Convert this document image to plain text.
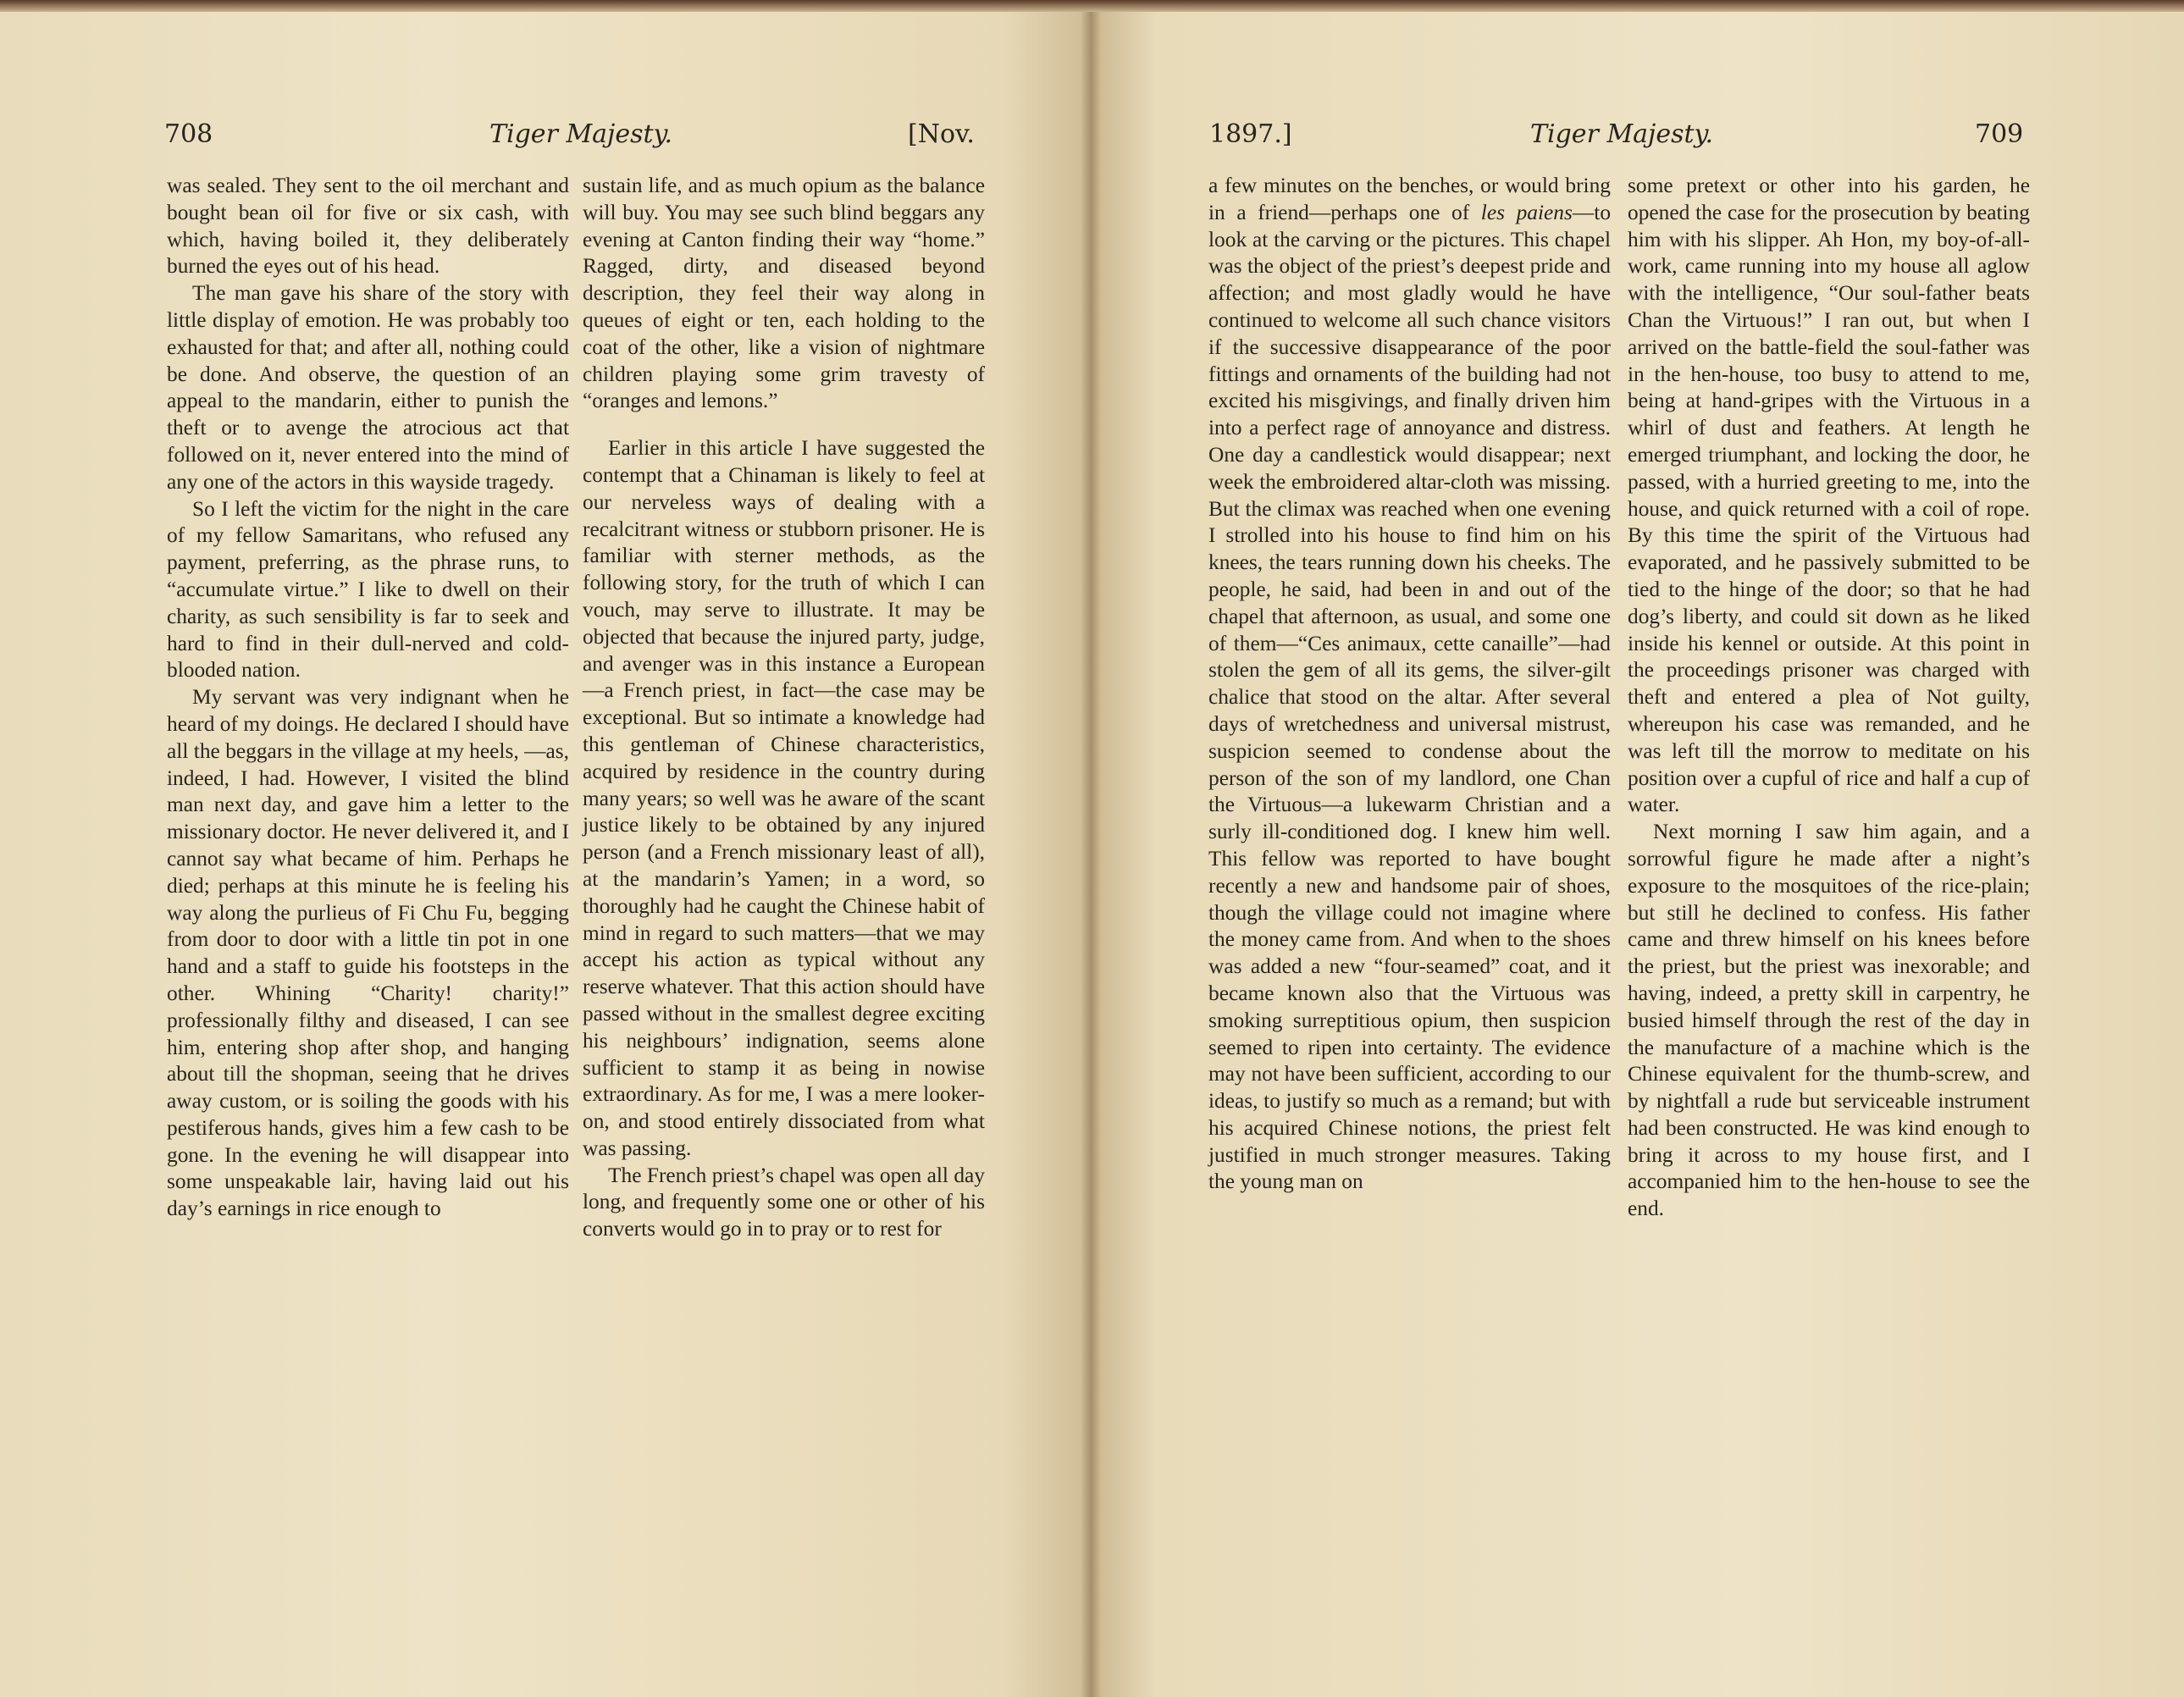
708	Tiger Majesty.	[Nov.

was sealed. They sent to the oil merchant and bought bean oil for five or six cash, with which, having boiled it, they deliberately burned the eyes out of his head.

The man gave his share of the story with little display of emotion. He was probably too exhausted for that; and after all, nothing could be done. And observe, the question of an appeal to the mandarin, either to punish the theft or to avenge the atrocious act that followed on it, never entered into the mind of any one of the actors in this wayside tragedy.

So I left the victim for the night in the care of my fellow Samaritans, who refused any payment, preferring, as the phrase runs, to “accumulate virtue.” I like to dwell on their charity, as such sensibility is far to seek and hard to find in their dull-nerved and cold-blooded nation.

My servant was very indignant when he heard of my doings. He declared I should have all the beggars in the village at my heels, —as, indeed, I had. However, I visited the blind man next day, and gave him a letter to the missionary doctor. He never delivered it, and I cannot say what became of him. Perhaps he died; perhaps at this minute he is feeling his way along the purlieus of Fi Chu Fu, begging from door to door with a little tin pot in one hand and a staff to guide his footsteps in the other. Whining “Charity! charity!” professionally filthy and diseased, I can see him, entering shop after shop, and hanging about till the shopman, seeing that he drives away custom, or is soiling the goods with his pestiferous hands, gives him a few cash to be gone. In the evening he will disappear into some unspeakable lair, having laid out his day’s earnings in rice enough to

sustain life, and as much opium as the balance will buy. You may see such blind beggars any evening at Canton finding their way “home.” Ragged, dirty, and diseased beyond description, they feel their way along in queues of eight or ten, each holding to the coat of the other, like a vision of nightmare children playing some grim travesty of “oranges and lemons.”

Earlier in this article I have suggested the contempt that a Chinaman is likely to feel at our nerveless ways of dealing with a recalcitrant witness or stubborn prisoner. He is familiar with sterner methods, as the following story, for the truth of which I can vouch, may serve to illustrate. It may be objected that because the injured party, judge, and avenger was in this instance a European —a French priest, in fact—the case may be exceptional. But so intimate a knowledge had this gentleman of Chinese characteristics, acquired by residence in the country during many years; so well was he aware of the scant justice likely to be obtained by any injured person (and a French missionary least of all), at the mandarin’s Yamen; in a word, so thoroughly had he caught the Chinese habit of mind in regard to such matters—that we may accept his action as typical without any reserve whatever. That this action should have passed without in the smallest degree exciting his neighbours’ indignation, seems alone sufficient to stamp it as being in nowise extraordinary. As for me, I was a mere looker-on, and stood entirely dissociated from what was passing.

The French priest’s chapel was open all day long, and frequently some one or other of his converts would go in to pray or to rest for

1897.]	Tiger Majesty.	709

a few minutes on the benches, or would bring in a friend—perhaps one of les paiens—to look at the carving or the pictures. This chapel was the object of the priest’s deepest pride and affection; and most gladly would he have continued to welcome all such chance visitors if the successive disappearance of the poor fittings and ornaments of the building had not excited his misgivings, and finally driven him into a perfect rage of annoyance and distress. One day a candlestick would disappear; next week the embroidered altar-cloth was missing. But the climax was reached when one evening I strolled into his house to find him on his knees, the tears running down his cheeks. The people, he said, had been in and out of the chapel that afternoon, as usual, and some one of them—“Ces animaux, cette canaille”—had stolen the gem of all its gems, the silver-gilt chalice that stood on the altar. After several days of wretchedness and universal mistrust, suspicion seemed to condense about the person of the son of my landlord, one Chan the Virtuous—a lukewarm Christian and a surly ill-conditioned dog. I knew him well. This fellow was reported to have bought recently a new and handsome pair of shoes, though the village could not imagine where the money came from. And when to the shoes was added a new “four-seamed” coat, and it became known also that the Virtuous was smoking surreptitious opium, then suspicion seemed to ripen into certainty. The evidence may not have been sufficient, according to our ideas, to justify so much as a remand; but with his acquired Chinese notions, the priest felt justified in much stronger measures. Taking the young man on

some pretext or other into his garden, he opened the case for the prosecution by beating him with his slipper. Ah Hon, my boy-of-all-work, came running into my house all aglow with the intelligence, “Our soul-father beats Chan the Virtuous!” I ran out, but when I arrived on the battle-field the soul-father was in the hen-house, too busy to attend to me, being at hand-gripes with the Virtuous in a whirl of dust and feathers. At length he emerged triumphant, and locking the door, he passed, with a hurried greeting to me, into the house, and quick returned with a coil of rope. By this time the spirit of the Virtuous had evaporated, and he passively submitted to be tied to the hinge of the door; so that he had dog’s liberty, and could sit down as he liked inside his kennel or outside. At this point in the proceedings prisoner was charged with theft and entered a plea of Not guilty, whereupon his case was remanded, and he was left till the morrow to meditate on his position over a cupful of rice and half a cup of water.

Next morning I saw him again, and a sorrowful figure he made after a night’s exposure to the mosquitoes of the rice-plain; but still he declined to confess. His father came and threw himself on his knees before the priest, but the priest was inexorable; and having, indeed, a pretty skill in carpentry, he busied himself through the rest of the day in the manufacture of a machine which is the Chinese equivalent for the thumb-screw, and by nightfall a rude but serviceable instrument had been constructed. He was kind enough to bring it across to my house first, and I accompanied him to the hen-house to see the end.
